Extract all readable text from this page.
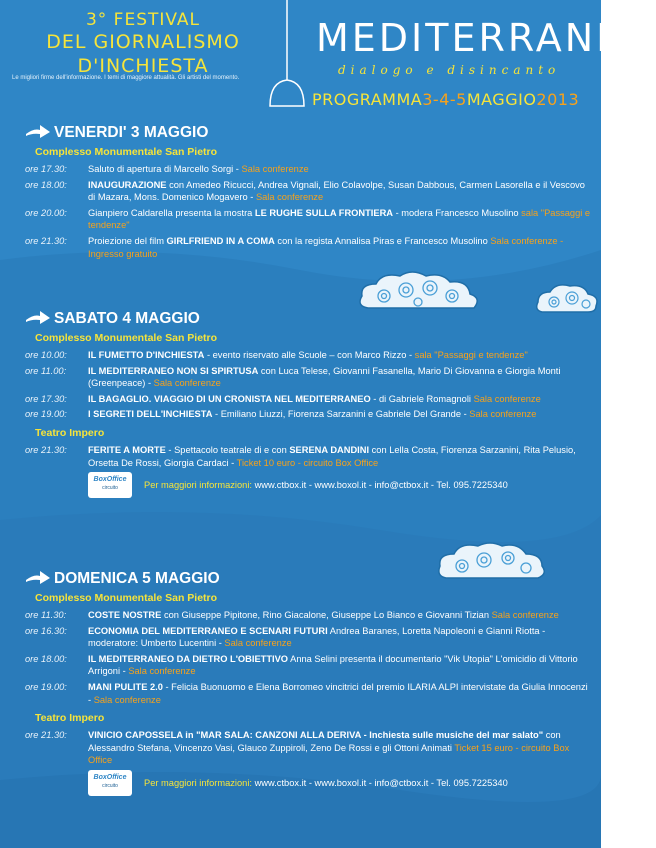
3° FESTIVAL
DEL GIORNALISMO D'INCHIESTA
Le migliori firme dell'informazione. I temi di maggiore attualità. Gli artisti del momento.
MEDITERRANEO
dialogo e disincanto
PROGRAMMA3-4-5MAGGIO2013
VENERDI' 3 MAGGIO
Complesso Monumentale San Pietro
ore 17.30:	Saluto di apertura di Marcello Sorgi - Sala conferenze
ore 18.00:	INAUGURAZIONE con Amedeo Ricucci, Andrea Vignali, Elio Colavolpe, Susan Dabbous, Carmen Lasorella e il Vescovo di Mazara, Mons. Domenico Mogavero - Sala conferenze
ore 20.00:	Gianpiero Caldarella presenta la mostra LE RUGHE SULLA FRONTIERA - modera Francesco Musolino sala "Passaggi e tendenze"
ore 21.30:	Proiezione del film GIRLFRIEND IN A COMA con la regista Annalisa Piras e Francesco Musolino Sala conferenze - Ingresso gratuito
SABATO 4 MAGGIO
Complesso Monumentale San Pietro
ore 10.00:	IL FUMETTO D'INCHIESTA - evento riservato alle Scuole – con Marco Rizzo - sala "Passaggi e tendenze"
ore 11.00:	IL MEDITERRANEO NON SI SPIRTUSA con Luca Telese, Giovanni Fasanella, Mario Di Giovanna e Giorgia Monti (Greenpeace) - Sala conferenze
ore 17.30:	IL BAGAGLIO. VIAGGIO DI UN CRONISTA NEL MEDITERRANEO - di Gabriele Romagnoli Sala conferenze
ore 19.00:	I SEGRETI DELL'INCHIESTA - Emiliano Liuzzi, Fiorenza Sarzanini e Gabriele Del Grande - Sala conferenze
Teatro Impero
ore 21.30:	FERITE A MORTE - Spettacolo teatrale di e con SERENA DANDINI con Lella Costa, Fiorenza Sarzanini, Rita Pelusio, Orsetta De Rossi, Giorgia Cardaci - Ticket 10 euro - circuito Box Office
BoxOffice
circuito	Per maggiori informazioni: www.ctbox.it - www.boxol.it - info@ctbox.it - Tel. 095.7225340
DOMENICA 5 MAGGIO
Complesso Monumentale San Pietro
ore 11.30:	COSTE NOSTRE con Giuseppe Pipitone, Rino Giacalone, Giuseppe Lo Bianco e Giovanni Tizian Sala conferenze
ore 16.30:	ECONOMIA DEL MEDITERRANEO E SCENARI FUTURI Andrea Baranes, Loretta Napoleoni e Gianni Riotta - moderatore: Umberto Lucentini - Sala conferenze
ore 18.00:	IL MEDITERRANEO DA DIETRO L'OBIETTIVO Anna Selini presenta il documentario "Vik Utopia" L'omicidio di Vittorio Arrigoni - Sala conferenze
ore 19.00:	MANI PULITE 2.0 - Felicia Buonuomo e Elena Borromeo vincitrici del premio ILARIA ALPI intervistate da Giulia Innocenzi - Sala conferenze
Teatro Impero
ore 21.30:	VINICIO CAPOSSELA in "MAR SALA: CANZONI ALLA DERIVA - Inchiesta sulle musiche del mar salato" con Alessandro Stefana, Vincenzo Vasi, Glauco Zuppiroli, Zeno De Rossi e gli Ottoni Animati Ticket 15 euro - circuito Box Office
BoxOffice
circuito	Per maggiori informazioni: www.ctbox.it - www.boxol.it - info@ctbox.it - Tel. 095.7225340
